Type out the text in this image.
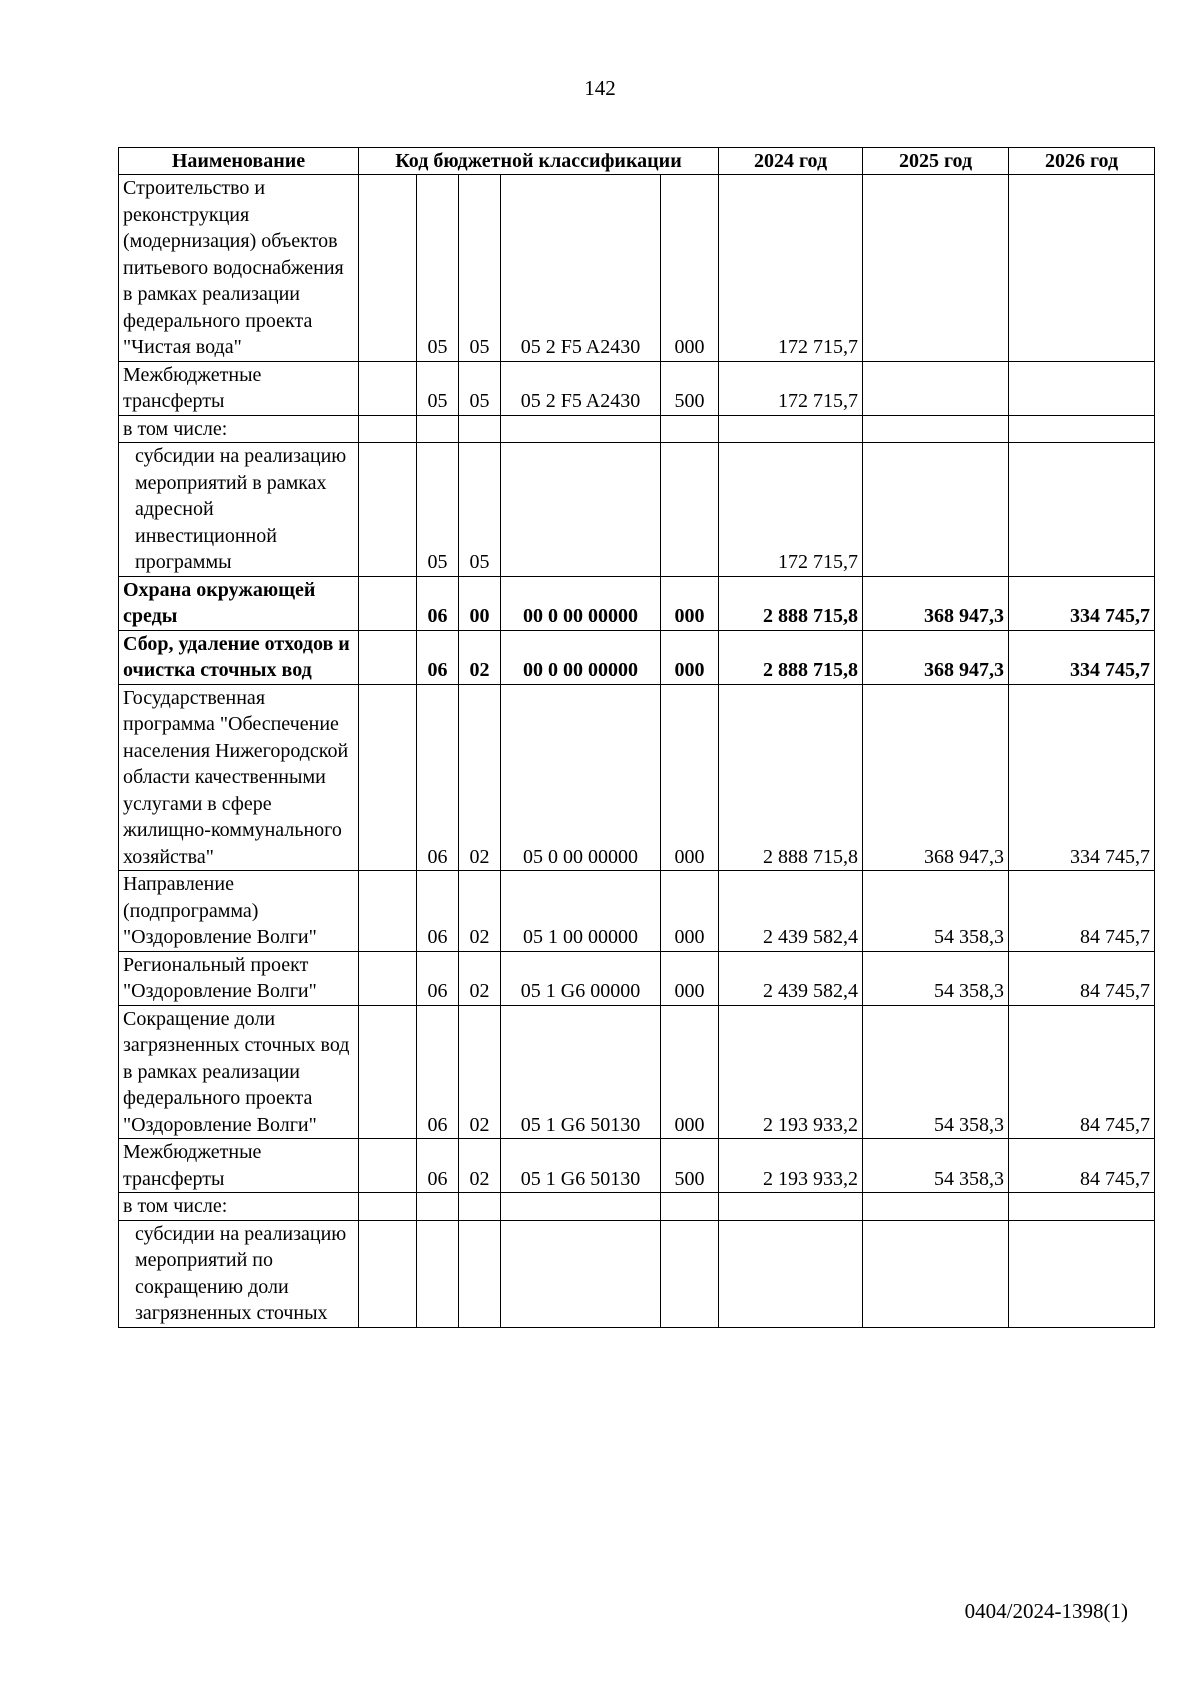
142
Наименование	Код бюджетной классификации					2024 год	2025 год	2026 год
Строительство и реконструкция (модернизация) объектов питьевого водоснабжения в рамках реализации федерального проекта "Чистая вода"		05	05	05 2 F5 A2430	000	172 715,7		
Межбюджетные трансферты		05	05	05 2 F5 A2430	500	172 715,7		
в том числе:								
субсидии на реализацию мероприятий в рамках адресной инвестиционной программы		05	05			172 715,7		
Охрана окружающей среды		06	00	00 0 00 00000	000	2 888 715,8	368 947,3	334 745,7
Сбор, удаление отходов и очистка сточных вод		06	02	00 0 00 00000	000	2 888 715,8	368 947,3	334 745,7
Государственная программа "Обеспечение населения Нижегородской области качественными услугами в сфере жилищно-коммунального хозяйства"		06	02	05 0 00 00000	000	2 888 715,8	368 947,3	334 745,7
Направление (подпрограмма) "Оздоровление Волги"		06	02	05 1 00 00000	000	2 439 582,4	54 358,3	84 745,7
Региональный проект "Оздоровление Волги"		06	02	05 1 G6 00000	000	2 439 582,4	54 358,3	84 745,7
Сокращение доли загрязненных сточных вод в рамках реализации федерального проекта "Оздоровление Волги"		06	02	05 1 G6 50130	000	2 193 933,2	54 358,3	84 745,7
Межбюджетные трансферты		06	02	05 1 G6 50130	500	2 193 933,2	54 358,3	84 745,7
в том числе:								
субсидии на реализацию мероприятий по сокращению доли загрязненных сточных								
0404/2024-1398(1)
